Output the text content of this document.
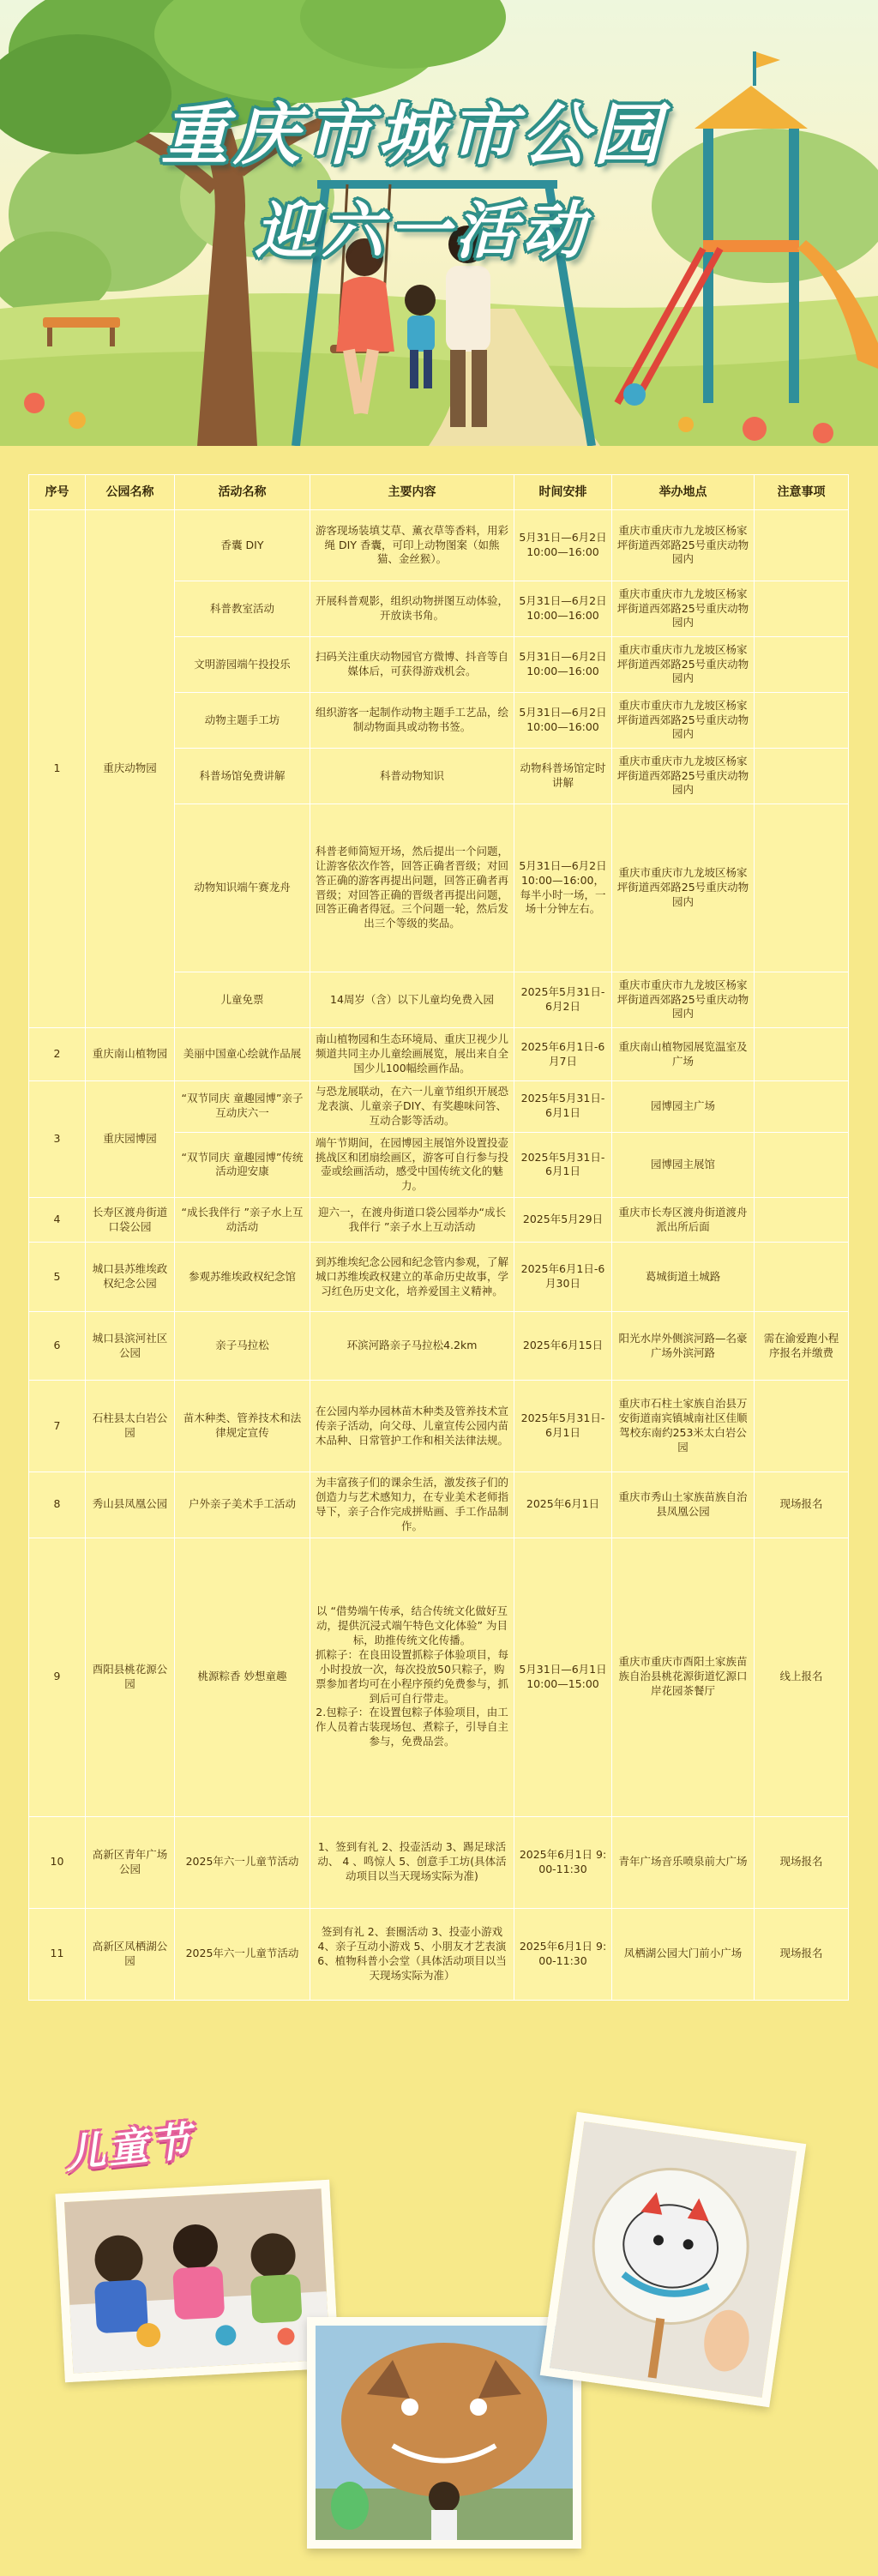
重庆市城市公园
迎六一活动
序号	公园名称	活动名称	主要内容	时间安排	举办地点	注意事项
1	重庆动物园	香囊 DIY	游客现场装填艾草、薰衣草等香料，用彩绳 DIY 香囊，可印上动物图案（如熊猫、金丝猴）。	5月31日—6月2日 10:00—16:00	重庆市重庆市九龙坡区杨家坪街道西郊路25号重庆动物园内	
		科普教室活动	开展科普观影，组织动物拼图互动体验，开放读书角。	5月31日—6月2日 10:00—16:00	重庆市重庆市九龙坡区杨家坪街道西郊路25号重庆动物园内	
		文明游园端午投投乐	扫码关注重庆动物园官方微博、抖音等自媒体后，可获得游戏机会。	5月31日—6月2日 10:00—16:00	重庆市重庆市九龙坡区杨家坪街道西郊路25号重庆动物园内	
		动物主题手工坊	组织游客一起制作动物主题手工艺品，绘制动物面具或动物书签。	5月31日—6月2日 10:00—16:00	重庆市重庆市九龙坡区杨家坪街道西郊路25号重庆动物园内	
		科普场馆免费讲解	科普动物知识	动物科普场馆定时讲解	重庆市重庆市九龙坡区杨家坪街道西郊路25号重庆动物园内	
		动物知识端午赛龙舟	科普老师简短开场，然后提出一个问题，让游客依次作答，回答正确者晋级；对回答正确的游客再提出问题，回答正确者再晋级；对回答正确的晋级者再提出问题，回答正确者得冠。三个问题一轮，然后发出三个等级的奖品。	5月31日—6月2日 10:00—16:00，每半小时一场，一场十分钟左右。	重庆市重庆市九龙坡区杨家坪街道西郊路25号重庆动物园内	
		儿童免票	14周岁（含）以下儿童均免费入园	2025年5月31日-6月2日	重庆市重庆市九龙坡区杨家坪街道西郊路25号重庆动物园内	
2	重庆南山植物园	美丽中国童心绘就作品展	南山植物园和生态环境局、重庆卫视少儿频道共同主办儿童绘画展览，展出来自全国少儿100幅绘画作品。	2025年6月1日-6月7日	重庆南山植物园展览温室及广场	
3	重庆园博园	“双节同庆 童趣园博”亲子互动庆六一	与恐龙展联动，在六一儿童节组织开展恐龙表演、儿童亲子DIY、有奖趣味问答、互动合影等活动。	2025年5月31日-6月1日	园博园主广场	
		“双节同庆 童趣园博”传统活动迎安康	端午节期间，在园博园主展馆外设置投壶挑战区和团扇绘画区，游客可自行参与投壶或绘画活动，感受中国传统文化的魅力。	2025年5月31日-6月1日	园博园主展馆	
4	长寿区渡舟街道口袋公园	“成长我伴行 ”亲子水上互动活动	迎六一，在渡舟街道口袋公园举办“成长我伴行 ”亲子水上互动活动	2025年5月29日	重庆市长寿区渡舟街道渡舟派出所后面	
5	城口县苏维埃政权纪念公园	参观苏维埃政权纪念馆	到苏维埃纪念公园和纪念管内参观，了解城口苏维埃政权建立的革命历史故事，学习红色历史文化，培养爱国主义精神。	2025年6月1日-6月30日	葛城街道土城路	
6	城口县滨河社区公园	亲子马拉松	环滨河路亲子马拉松4.2km	2025年6月15日	阳光水岸外侧滨河路—名豪广场外滨河路	需在渝爱跑小程序报名并缴费
7	石柱县太白岩公园	苗木种类、管养技术和法律规定宣传	在公园内举办园林苗木种类及管养技术宣传亲子活动，向父母、儿童宣传公园内苗木品种、日常管护工作和相关法律法规。	2025年5月31日-6月1日	重庆市石柱土家族自治县万安街道南宾镇城南社区佳顺驾校东南约253米太白岩公园	
8	秀山县凤凰公园	户外亲子美术手工活动	为丰富孩子们的课余生活，激发孩子们的创造力与艺术感知力，在专业美术老师指导下，亲子合作完成拼贴画、手工作品制作。	2025年6月1日	重庆市秀山土家族苗族自治县凤凰公园	现场报名
9	酉阳县桃花源公园	桃源粽香 妙想童趣	以 “借势端午传承，结合传统文化做好互动，提供沉浸式端午特色文化体验” 为目标，助推传统文化传播。
抓粽子：在良田设置抓粽子体验项目，每小时投放一次，每次投放50只粽子，购票参加者均可在小程序预约免费参与，抓到后可自行带走。
2.包粽子：在设置包粽子体验项目，由工作人员着古装现场包、煮粽子，引导自主参与，免费品尝。	5月31日—6月1日 10:00—15:00	重庆市重庆市酉阳土家族苗族自治县桃花源街道忆源口岸花园茶餐厅	线上报名
10	高新区青年广场公园	2025年六一儿童节活动	1、签到有礼 2、投壶活动 3、踢足球活动、 4 、鸣惊人 5、创意手工坊(具体活动项目以当天现场实际为准)	2025年6月1日 9:00-11:30	青年广场音乐喷泉前大广场	现场报名
11	高新区凤栖湖公园	2025年六一儿童节活动	签到有礼 2、套圈活动 3、投壶小游戏 4、亲子互动小游戏 5、小朋友才艺表演 6、植物科普小会堂（具体活动项目以当天现场实际为准）	2025年6月1日 9:00-11:30	凤栖湖公园大门前小广场	现场报名
儿童节
